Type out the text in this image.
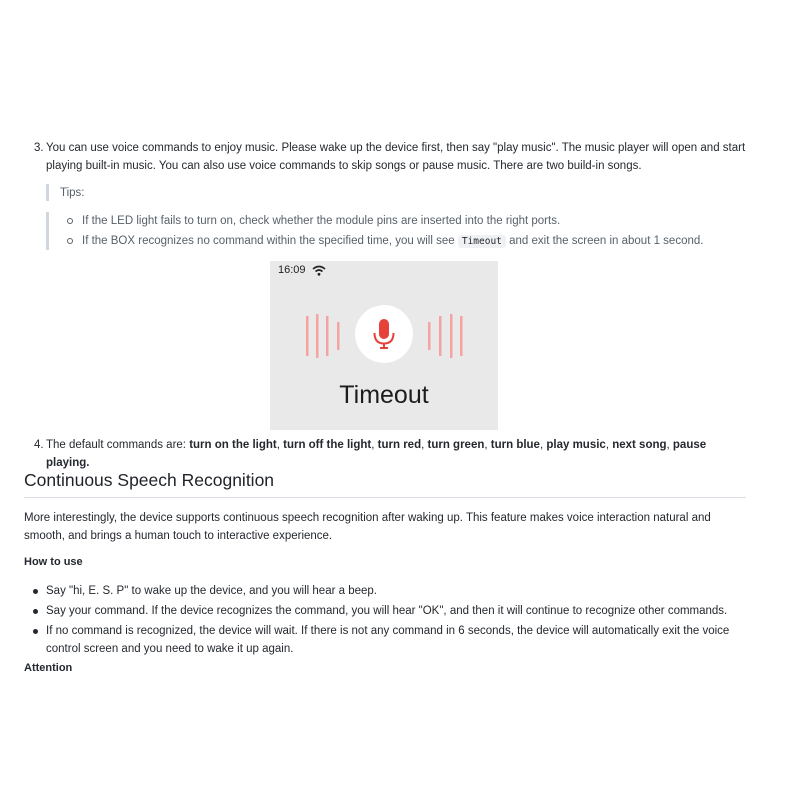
3. You can use voice commands to enjoy music. Please wake up the device first, then say "play music". The music player will open and start playing built-in music. You can also use voice commands to skip songs or pause music. There are two build-in songs.
Tips:
If the LED light fails to turn on, check whether the module pins are inserted into the right ports.
If the BOX recognizes no command within the specified time, you will see Timeout and exit the screen in about 1 second.
4. The default commands are: turn on the light, turn off the light, turn red, turn green, turn blue, play music, next song, pause playing.
Continuous Speech Recognition
More interestingly, the device supports continuous speech recognition after waking up. This feature makes voice interaction natural and smooth, and brings a human touch to interactive experience.
How to use
Say "hi, E. S. P" to wake up the device, and you will hear a beep.
Say your command. If the device recognizes the command, you will hear "OK", and then it will continue to recognize other commands.
If no command is recognized, the device will wait. If there is not any command in 6 seconds, the device will automatically exit the voice control screen and you need to wake it up again.
Attention
16:09
Timeout
